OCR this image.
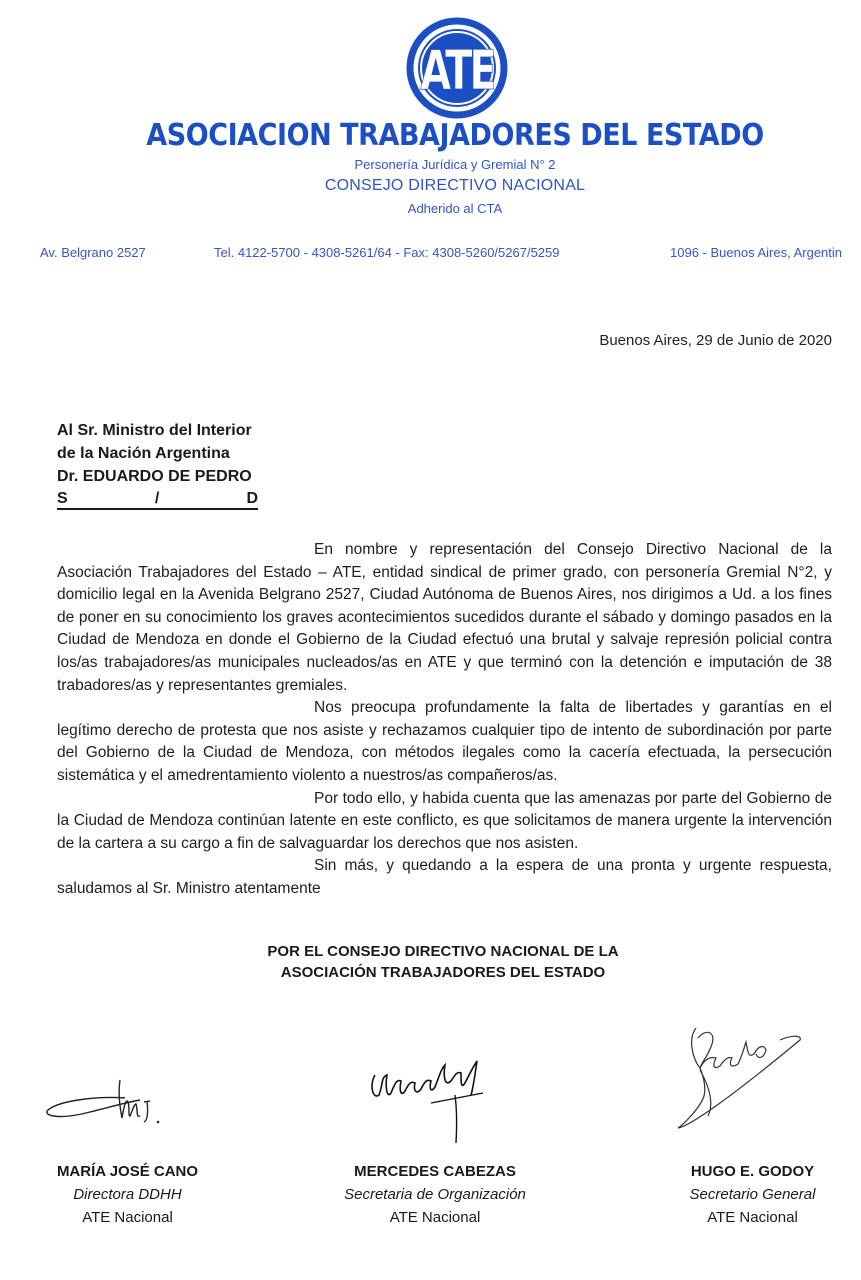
ATE
ASOCIACION TRABAJADORES DEL ESTADO
Personería Jurídica y Gremial N° 2
CONSEJO DIRECTIVO NACIONAL
Adherido al CTA
Av. Belgrano 2527	Tel. 4122-5700 - 4308-5261/64 - Fax: 4308-5260/5267/5259	1096 - Buenos Aires, Argentin
Buenos Aires, 29 de Junio de 2020
Al Sr. Ministro del Interior
de la Nación Argentina
Dr. EDUARDO DE PEDRO
S	/	D

En nombre y representación del Consejo Directivo Nacional de la Asociación Trabajadores del Estado – ATE, entidad sindical de primer grado, con personería Gremial N°2, y domicilio legal en la Avenida Belgrano 2527, Ciudad Autónoma de Buenos Aires, nos dirigimos a Ud. a los fines de poner en su conocimiento los graves acontecimientos sucedidos durante el sábado y domingo pasados en la Ciudad de Mendoza en donde el Gobierno de la Ciudad efectuó una brutal y salvaje represión policial contra los/as trabajadores/as municipales nucleados/as en ATE y que terminó con la detención e imputación de 38 trabadores/as y representantes gremiales.

Nos preocupa profundamente la falta de libertades y garantías en el legítimo derecho de protesta que nos asiste y rechazamos cualquier tipo de intento de subordinación por parte del Gobierno de la Ciudad de Mendoza, con métodos ilegales como la cacería efectuada, la persecución sistemática y el amedrentamiento violento a nuestros/as compañeros/as.

Por todo ello, y habida cuenta que las amenazas por parte del Gobierno de la Ciudad de Mendoza continúan latente en este conflicto, es que solicitamos de manera urgente la intervención de la cartera a su cargo a fin de salvaguardar los derechos que nos asisten.

Sin más, y quedando a la espera de una pronta y urgente respuesta, saludamos al Sr. Ministro atentamente

POR EL CONSEJO DIRECTIVO NACIONAL DE LA
ASOCIACIÓN TRABAJADORES DEL ESTADO
MARÍA JOSÉ CANO
Directora DDHH
ATE Nacional
MERCEDES CABEZAS
Secretaria de Organización
ATE Nacional
HUGO E. GODOY
Secretario General
ATE Nacional
